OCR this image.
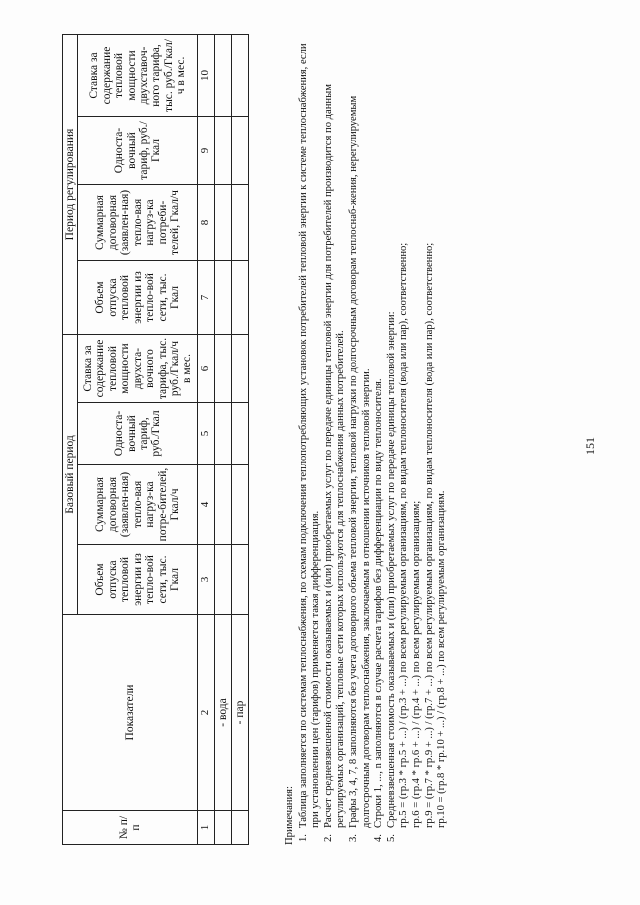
№ п/п	Показатели	Базовый период				Период регулирования			
		Объем отпуска тепловой энергии из тепло-вой сети, тыс. Гкал	Суммарная договорная (заявлен-ная) тепло-вая нагруз-ка потре-бителей, Гкал/ч	Односта-вочный тариф, руб./Гкал	Ставка за содержание тепловой мощности двухста-вочного тарифа, тыс. руб./Гкал/ч в мес.	Объем отпуска тепловой энергии из тепло-вой сети, тыс. Гкал	Суммарная договорная (заявлен-ная) тепло-вая нагруз-ка потреби-телей, Гкал/ч	Односта-вочный тариф, руб./Гкал	Ставка за содержание тепловой мощности двухставоч-ного тарифа, тыс. руб./Гкал/ч в мес.
1	2	3	4	5	6	7	8	9	10
	- вода								
	- пар								
Примечания: 1.
Таблица заполняется по системам теплоснабжения, по схемам подключения теплопотребляющих установок потребителей тепловой энергии к системе теплоснабжения, если при установлении цен (тарифов) применяется такая дифференциация.
2.
Расчет средневзвешенной стоимости оказываемых и (или) приобретаемых услуг по передаче единицы тепловой энергии для потребителей производится по данным регулируемых организаций, тепловые сети которых используются для теплоснабжения данных потребителей.
3.
Графы 3, 4, 7, 8 заполняются без учета договорного объема тепловой энергии, тепловой нагрузки по долгосрочным договорам теплоснаб-жения, нерегулируемым долгосрочным договорам теплоснабжения, заключаемым в отношении источников тепловой энергии.
4.
Строки 1, ..., n заполняются в случае расчета тарифов без дифференциации по виду теплоносителя.
5.
Средневзвешенная стоимость оказываемых и (или) приобретаемых услуг по передаче единицы тепловой энергии: гр.5 = (гр.3 * гр.5 + ...) / (гр.3 + ...) по всем регулируемым организациям, по видам теплоносителя (вода или пар), соответственно; гр.6 = (гр.4 * гр.6 + ...) / (гр.4 + ...) по всем регулируемым организациям; гр.9 = (гр.7 * гр.9 + ...) / (гр.7 + ...) по всем регулируемым организациям, по видам теплоносителя (вода или пар), соответственно; гр.10 = (гр.8 * гр.10 + ...) / (гр.8 + ...) по всем регулируемым организациям.
151
